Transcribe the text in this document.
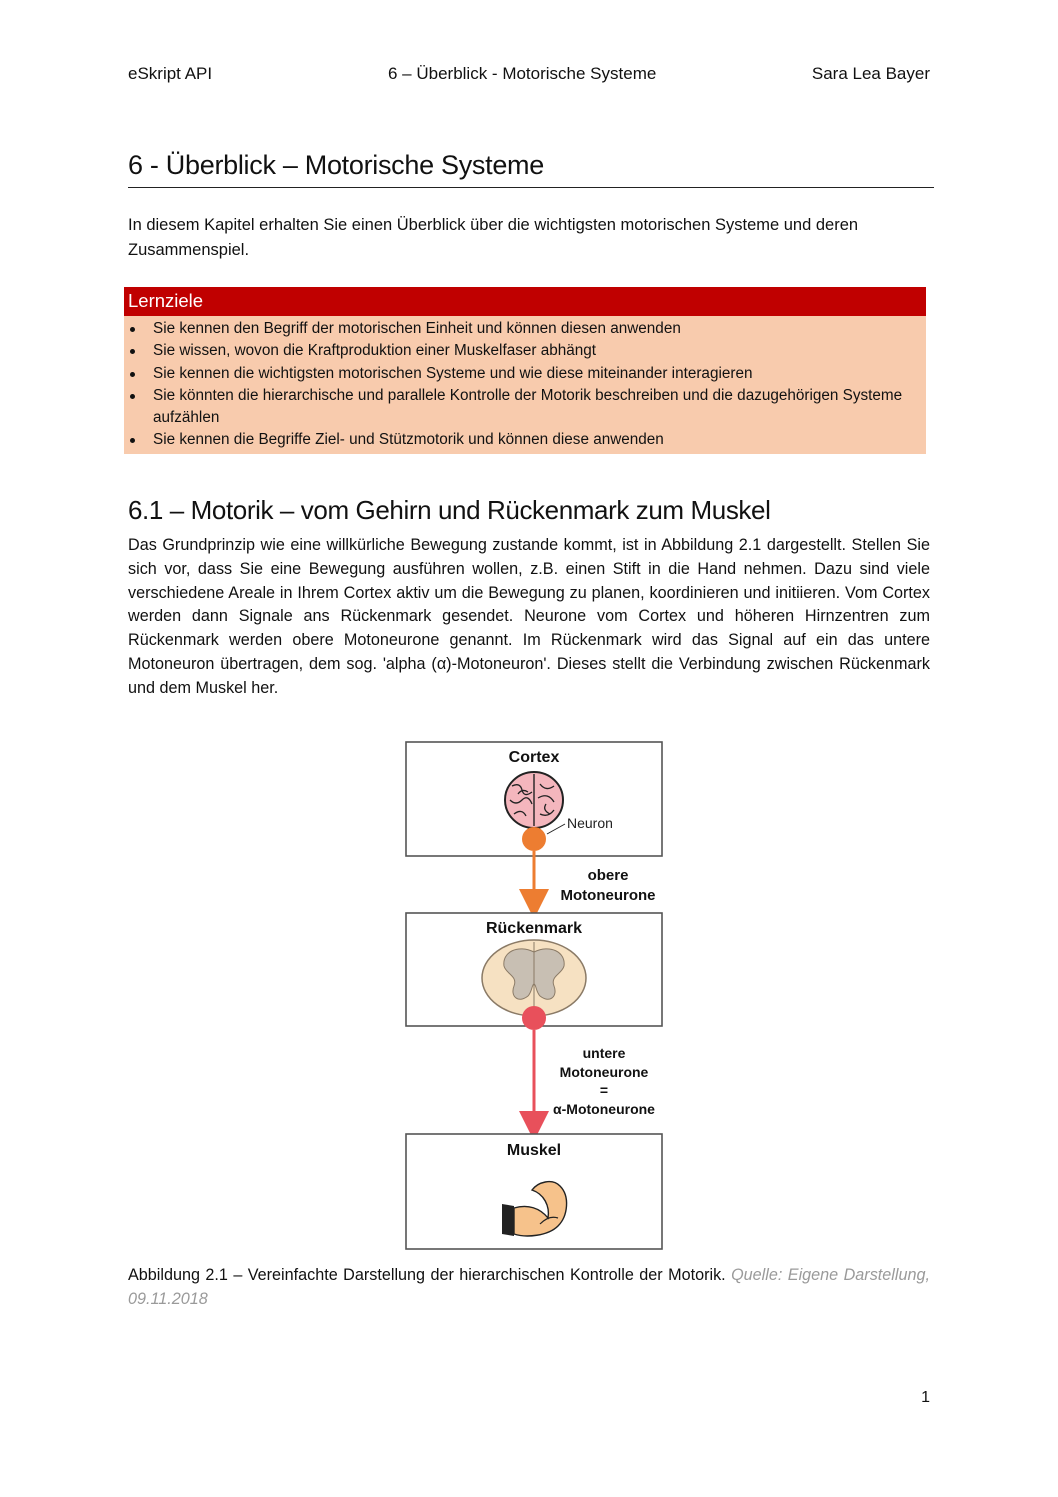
eSkript API	6 – Überblick - Motorische Systeme	Sara Lea Bayer
6 - Überblick – Motorische Systeme

In diesem Kapitel erhalten Sie einen Überblick über die wichtigsten motorischen Systeme und deren Zusammenspiel.

Lernziele
Sie kennen den Begriff der motorischen Einheit und können diesen anwenden
Sie wissen, wovon die Kraftproduktion einer Muskelfaser abhängt
Sie kennen die wichtigsten motorischen Systeme und wie diese miteinander interagieren
Sie könnten die hierarchische und parallele Kontrolle der Motorik beschreiben und die dazugehörigen Systeme aufzählen
Sie kennen die Begriffe Ziel- und Stützmotorik und können diese anwenden
6.1 – Motorik – vom Gehirn und Rückenmark zum Muskel

Das Grundprinzip wie eine willkürliche Bewegung zustande kommt, ist in Abbildung 2.1 dargestellt. Stellen Sie sich vor, dass Sie eine Bewegung ausführen wollen, z.B. einen Stift in die Hand nehmen. Dazu sind viele verschiedene Areale in Ihrem Cortex aktiv um die Bewegung zu planen, koordinieren und initiieren. Vom Cortex werden dann Signale ans Rückenmark gesendet. Neurone vom Cortex und höheren Hirnzentren zum Rückenmark werden obere Motoneurone genannt. Im Rückenmark wird das Signal auf ein das untere Motoneuron übertragen, dem sog. 'alpha (α)-Motoneuron'. Dieses stellt die Verbindung zwischen Rückenmark und dem Muskel her.

Cortex
Neuron
obere
Motoneurone
Rückenmark
untere
Motoneurone
=
α-Motoneurone
Muskel

Abbildung 2.1 – Vereinfachte Darstellung der hierarchischen Kontrolle der Motorik. Quelle: Eigene Darstellung, 09.11.2018

1
